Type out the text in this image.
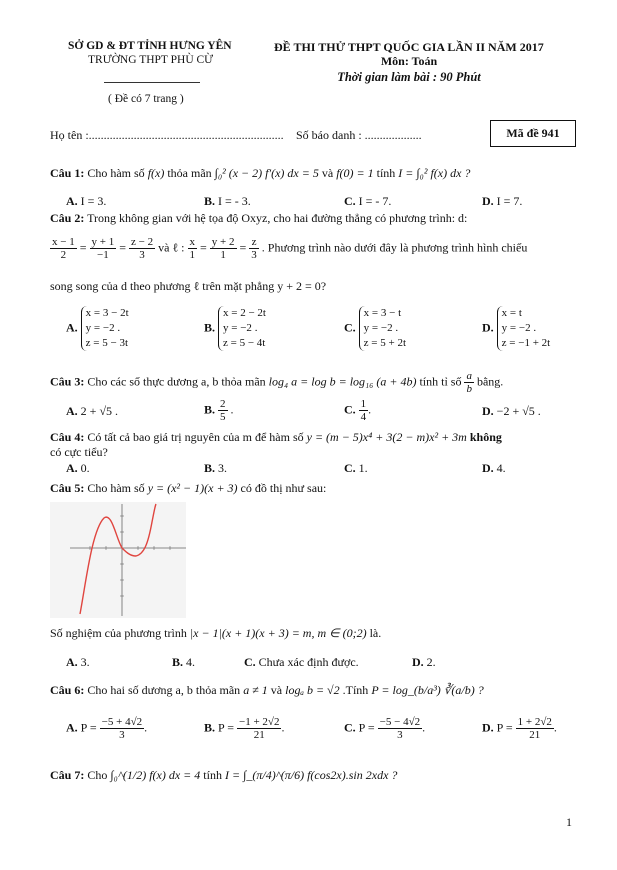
SỞ GD & ĐT TỈNH HƯNG YÊN
TRƯỜNG THPT PHÙ CỪ
( Đề có 7 trang )
ĐỀ THI THỬ THPT QUỐC GIA LẦN II NĂM 2017
Môn: Toán
Thời gian làm bài : 90 Phút
Họ tên :................................................................. Số báo danh : ...................	Mã đề 941
Câu 1: Cho hàm số f(x) thỏa mãn ∫₀² (x − 2) f′(x) dx = 5 và f(0) = 1 tính I = ∫₀² f(x) dx ?
A. I = 3.	B. I = - 3.	C. I = - 7.	D. I = 7.
Câu 2: Trong không gian với hệ tọa độ Oxyz, cho hai đường thẳng có phương trình: d:
$\frac{x - 1}{2} = \frac{y + 1}{-1} = \frac{z - 2}{3}$ và ℓ : $\frac{x}{1} = \frac{y + 2}{1} = \frac{z}{3}$ . Phương trình nào dưới đây là phương trình hình chiếu
song song của d theo phương ℓ trên mặt phẳng y + 2 = 0?
A. x = 3 − 2t
y = −2 .
z = 5 − 3t
B. x = 2 − 2t
y = −2 .
z = 5 − 4t
C. x = 3 − t
y = −2 .
z = 5 + 2t
D. x = t
y = −2 .
z = −1 + 2t
Câu 3: Cho các số thực dương a, b thỏa mãn log₄ a = log b = log₁₆ (a + 4b) tính tỉ số $\frac{a}{b}$ bằng.
A. 2 + √5 .	B. $\frac{2}{5}$ .	C. $\frac{1}{4}$ .	D. −2 + √5 .
Câu 4: Có tất cả bao giá trị nguyên của m để hàm số y = (m − 5)x⁴ + 3(2 − m)x² + 3m không
có cực tiểu?
A. 0.	B. 3.	C. 1.	D. 4.
Câu 5: Cho hàm số y = (x² − 1)(x + 3) có đồ thị như sau:
Số nghiệm của phương trình |x − 1|(x + 1)(x + 3) = m, m ∈ (0;2) là.
A. 3.	B. 4.	C. Chưa xác định được.	D. 2.
Câu 6: Cho hai số dương a, b thỏa mãn a ≠ 1 và logₐ b = √2 .Tính P = log_(b/a³) ∛(a/b) ?
A. $P = \frac{-5 + 4√2}{3}$ .	B. $P = \frac{-1 + 2√2}{21}$ .	C. $P = \frac{-5 - 4√2}{3}$ .	D. $P = \frac{1 + 2√2}{21}$ .
Câu 7: Cho ∫₀^(1/2) f(x) dx = 4 tính I = ∫_(π/4)^(π/6) f(cos2x).sin 2xdx ?
1
